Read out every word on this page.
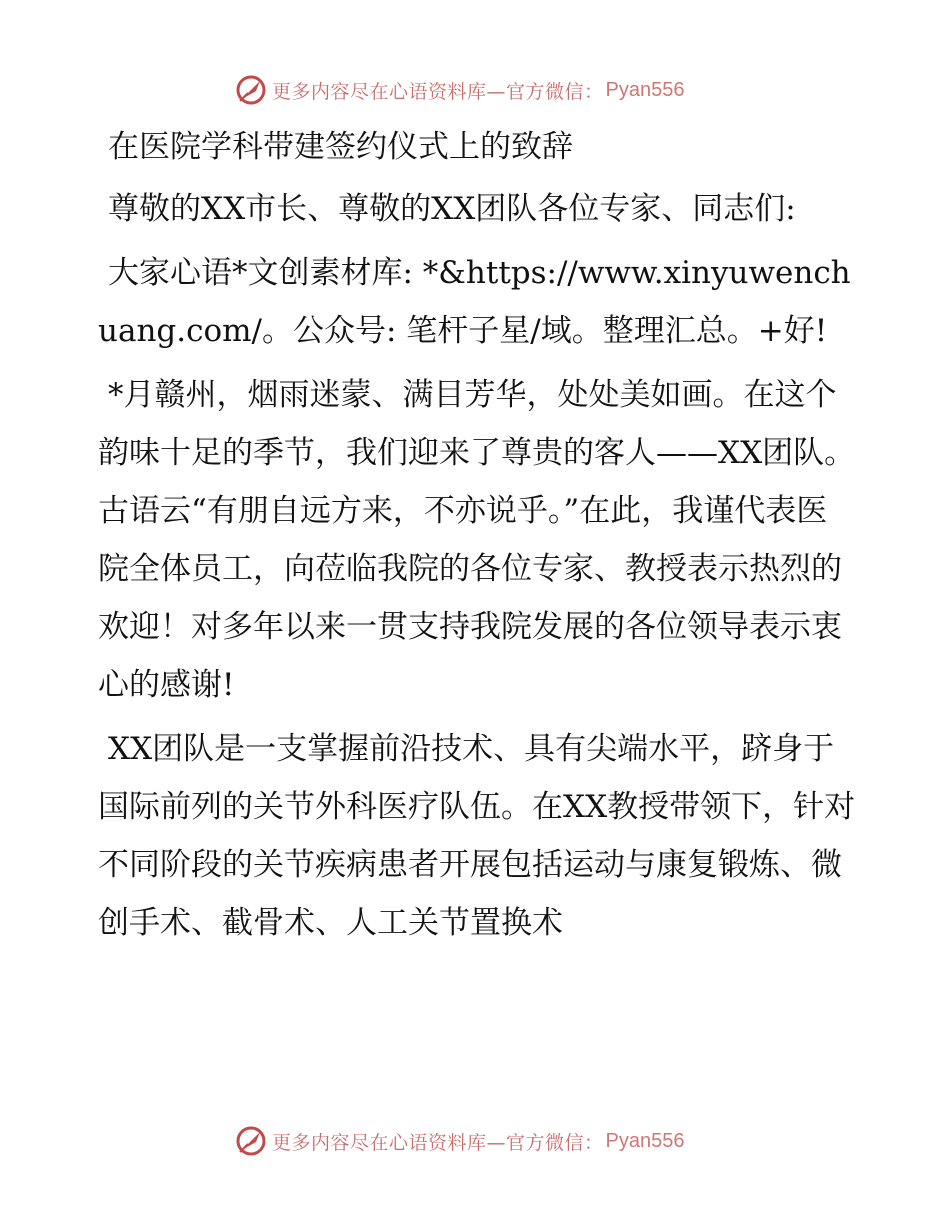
更多内容尽在心语资料库—官方微信： Pyan556
在医院学科带建签约仪式上的致辞

尊敬的XX市长、尊敬的XX团队各位专家、同志们:

大家心语*文创素材库: *&https://www.xinyuwenchuang.com/。公众号: 笔杆子星/域。整理汇总。+好!

*月赣州，烟雨迷蒙、满目芳华，处处美如画。在这个韵味十足的季节，我们迎来了尊贵的客人——XX团队。古语云“有朋自远方来，不亦说乎。”在此，我谨代表医院全体员工，向莅临我院的各位专家、教授表示热烈的欢迎！对多年以来一贯支持我院发展的各位领导表示衷心的感谢!

XX团队是一支掌握前沿技术、具有尖端水平，跻身于国际前列的关节外科医疗队伍。在XX教授带领下，针对不同阶段的关节疾病患者开展包括运动与康复锻炼、微创手术、截骨术、人工关节置换术

更多内容尽在心语资料库—官方微信： Pyan556
